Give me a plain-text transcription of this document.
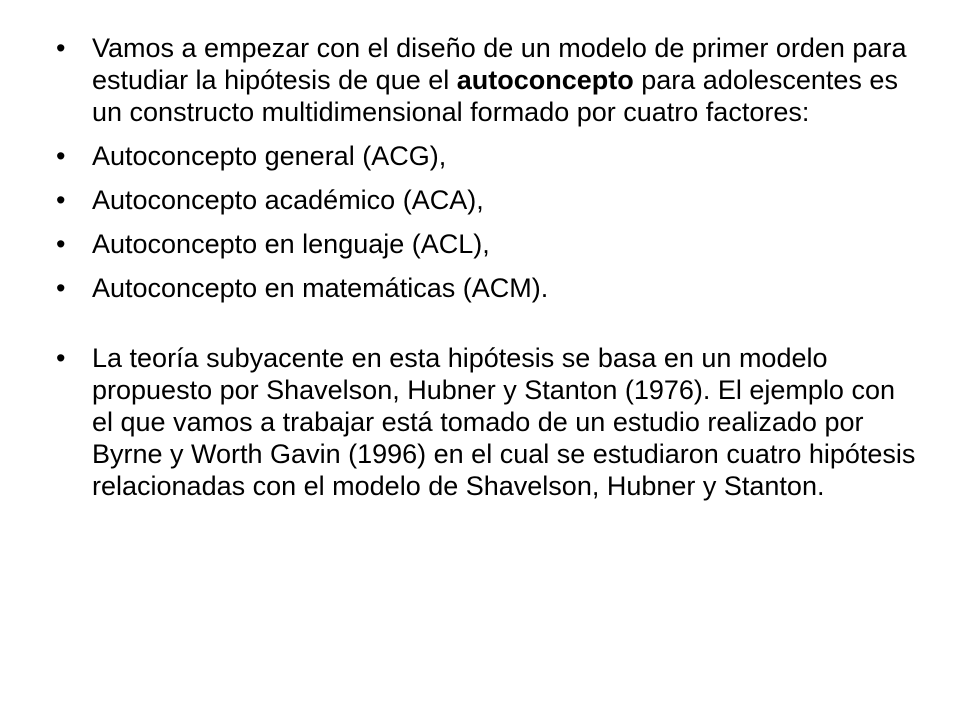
• Vamos a empezar con el diseño de un modelo de primer orden para estudiar la hipótesis de que el autoconcepto para adolescentes es un constructo multidimensional formado por cuatro factores:
• Autoconcepto general (ACG),
• Autoconcepto académico (ACA),
• Autoconcepto en lenguaje (ACL),
• Autoconcepto en matemáticas (ACM).
• La teoría subyacente en esta hipótesis se basa en un modelo propuesto por Shavelson, Hubner y Stanton (1976). El ejemplo con el que vamos a trabajar está tomado de un estudio realizado por Byrne y Worth Gavin (1996) en el cual se estudiaron cuatro hipótesis relacionadas con el modelo de Shavelson, Hubner y Stanton.
